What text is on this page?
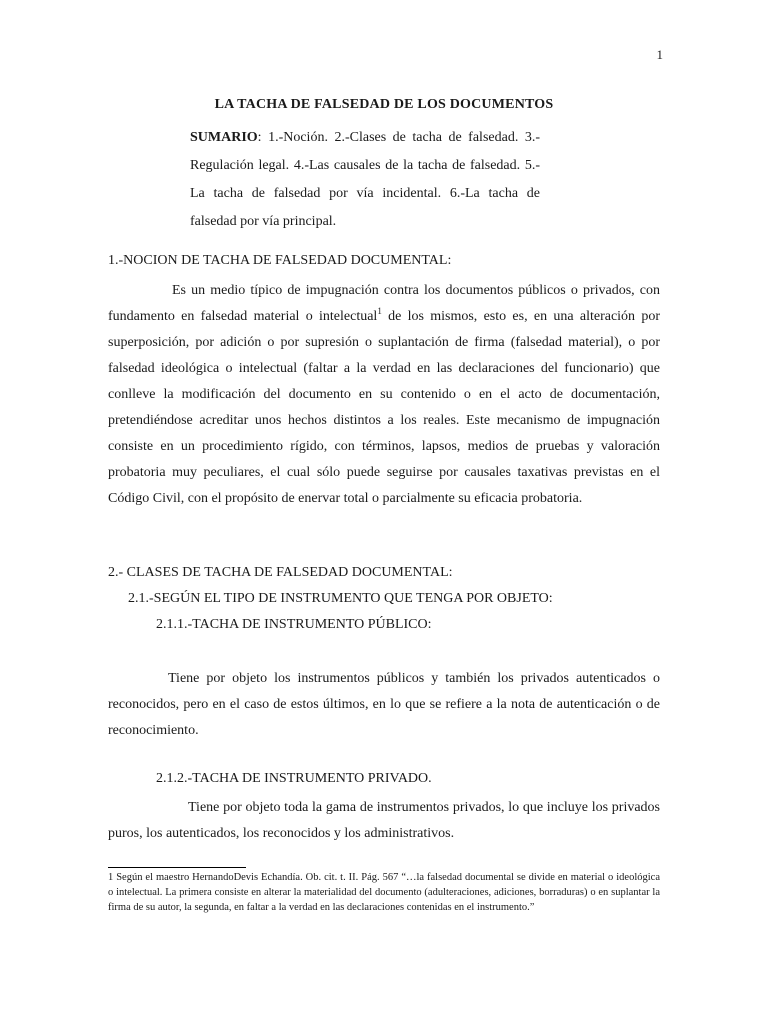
1
LA TACHA DE FALSEDAD DE LOS DOCUMENTOS
SUMARIO: 1.-Noción. 2.-Clases de tacha de falsedad. 3.-Regulación legal. 4.-Las causales de la tacha de falsedad. 5.-La tacha de falsedad por vía incidental. 6.-La tacha de falsedad por vía principal.
1.-NOCION DE TACHA DE FALSEDAD DOCUMENTAL:
Es un medio típico de impugnación contra los documentos públicos o privados, con fundamento en falsedad material o intelectual$^1$ de los mismos, esto es, en una alteración por superposición, por adición o por supresión o suplantación de firma (falsedad material), o por falsedad ideológica o intelectual (faltar a la verdad en las declaraciones del funcionario) que conlleve la modificación del documento en su contenido o en el acto de documentación, pretendiéndose acreditar unos hechos distintos a los reales. Este mecanismo de impugnación consiste en un procedimiento rígido, con términos, lapsos, medios de pruebas y valoración probatoria muy peculiares, el cual sólo puede seguirse por causales taxativas previstas en el Código Civil, con el propósito de enervar total o parcialmente su eficacia probatoria.
2.- CLASES DE TACHA DE FALSEDAD DOCUMENTAL:
2.1.-SEGÚN EL TIPO DE INSTRUMENTO QUE TENGA POR OBJETO:
2.1.1.-TACHA DE INSTRUMENTO PÚBLICO:
Tiene por objeto los instrumentos públicos y también los privados autenticados o reconocidos, pero en el caso de estos últimos, en lo que se refiere a la nota de autenticación o de reconocimiento.
2.1.2.-TACHA DE INSTRUMENTO PRIVADO.
Tiene por objeto toda la gama de instrumentos privados, lo que incluye los privados puros, los autenticados, los reconocidos y los administrativos.
1 Según el maestro HernandoDevis Echandía. Ob. cit. t. II. Pág. 567 “…la falsedad documental se divide en material o ideológica o intelectual. La primera consiste en alterar la materialidad del documento (adulteraciones, adiciones, borraduras) o en suplantar la firma de su autor, la segunda, en faltar a la verdad en las declaraciones contenidas en el instrumento.”
